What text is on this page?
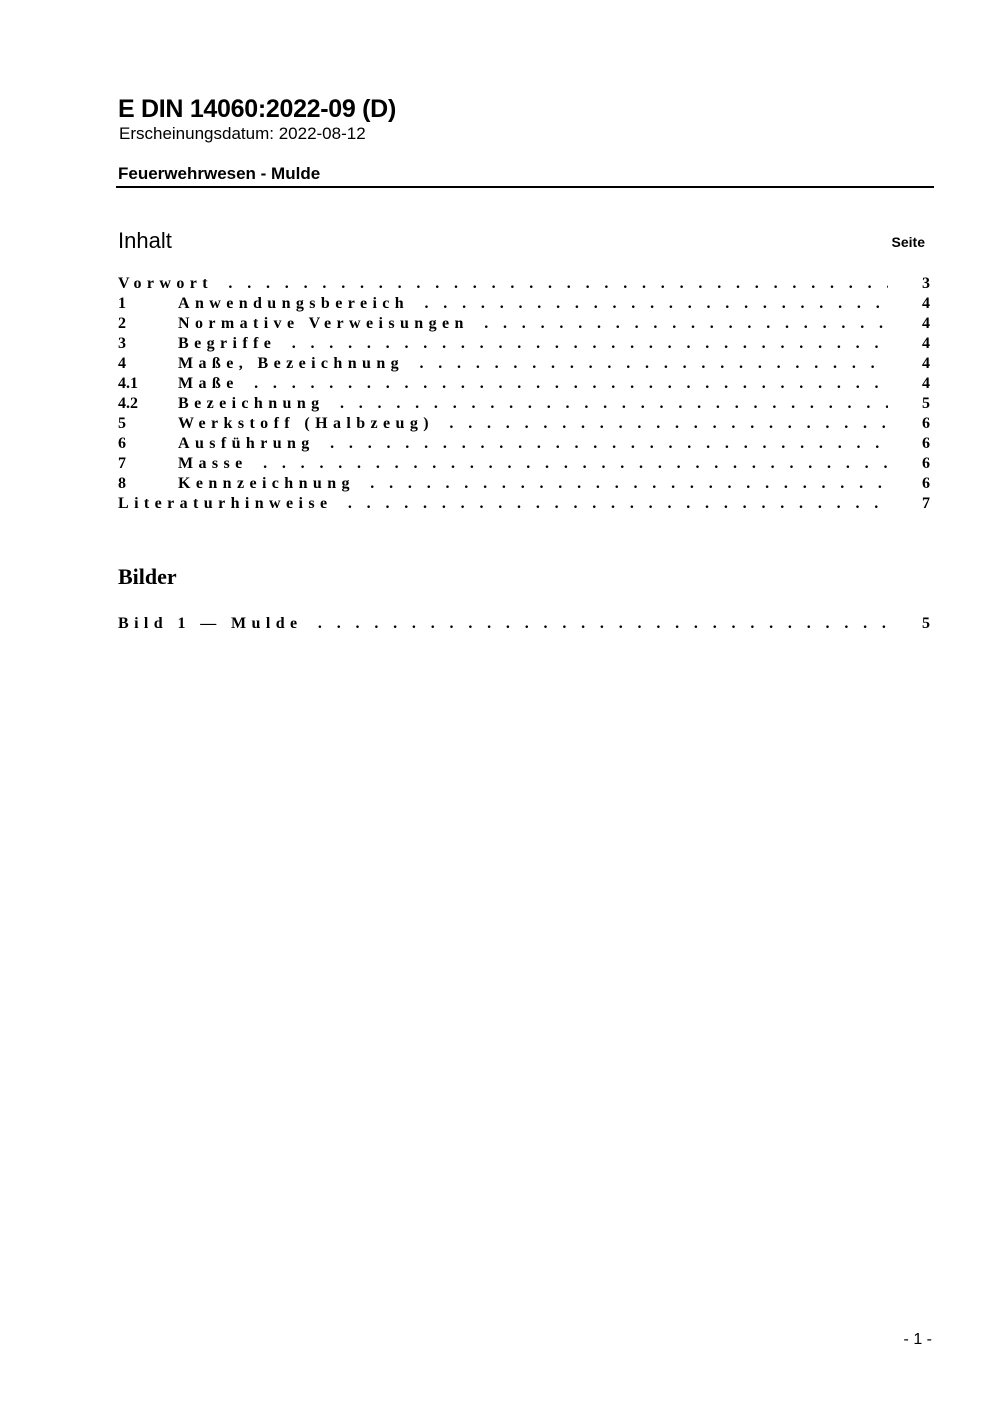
E DIN 14060:2022-09 (D)
Erscheinungsdatum: 2022-08-12
Feuerwehrwesen - Mulde
Inhalt	Seite
Vorwort . . .	3
1	Anwendungsbereich . . .	4
2	Normative Verweisungen . . .	4
3	Begriffe . . .	4
4	Maße, Bezeichnung . . .	4
4.1	Maße . . .	4
4.2	Bezeichnung . . .	5
5	Werkstoff (Halbzeug) . . .	6
6	Ausführung . . .	6
7	Masse . . .	6
8	Kennzeichnung . . .	6
Literaturhinweise . . .	7
Bilder
Bild 1 — Mulde . . .	5
- 1 -
